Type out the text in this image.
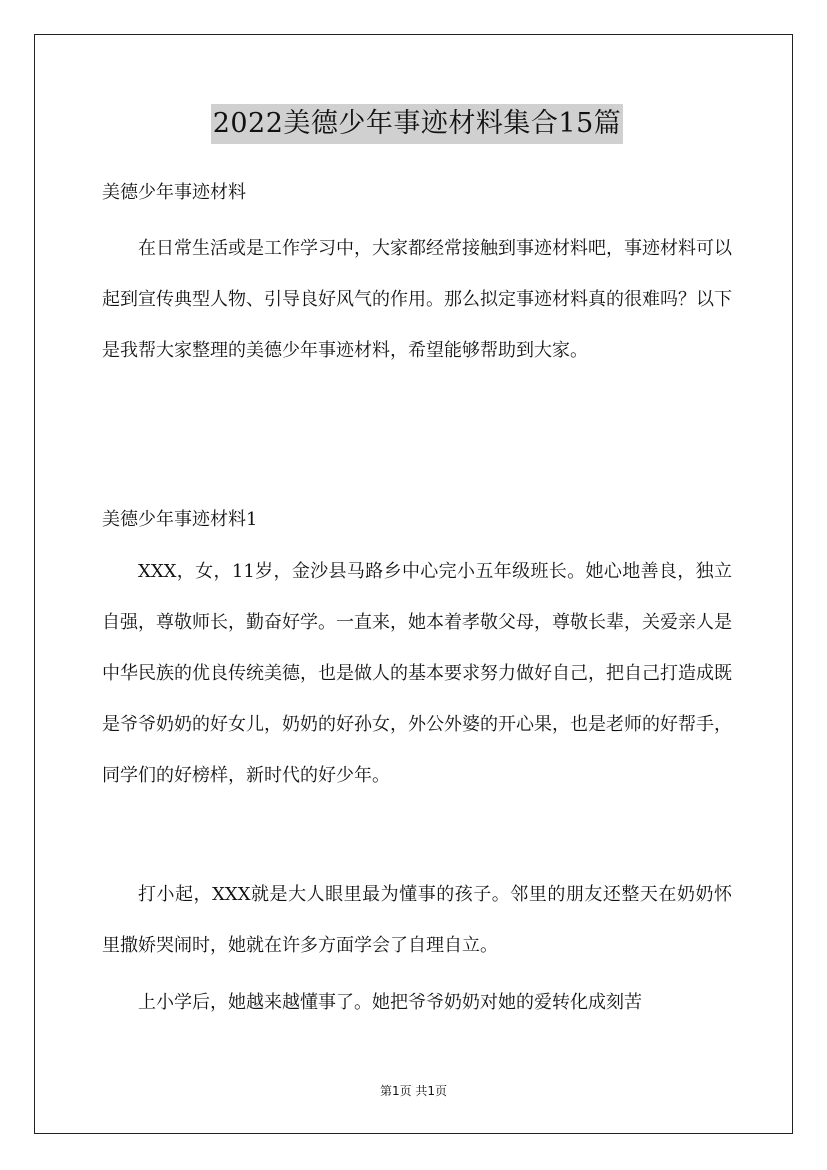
2022美德少年事迹材料集合15篇
美德少年事迹材料

在日常生活或是工作学习中，大家都经常接触到事迹材料吧，事迹材料可以起到宣传典型人物、引导良好风气的作用。那么拟定事迹材料真的很难吗？以下是我帮大家整理的美德少年事迹材料，希望能够帮助到大家。

美德少年事迹材料1

XXX，女，11岁，金沙县马路乡中心完小五年级班长。她心地善良，独立自强，尊敬师长，勤奋好学。一直来，她本着孝敬父母，尊敬长辈，关爱亲人是中华民族的优良传统美德，也是做人的基本要求努力做好自己，把自己打造成既是爷爷奶奶的好女儿，奶奶的好孙女，外公外婆的开心果，也是老师的好帮手，同学们的好榜样，新时代的好少年。

打小起，XXX就是大人眼里最为懂事的孩子。邻里的朋友还整天在奶奶怀里撒娇哭闹时，她就在许多方面学会了自理自立。

上小学后，她越来越懂事了。她把爷爷奶奶对她的爱转化成刻苦

第1页 共1页
